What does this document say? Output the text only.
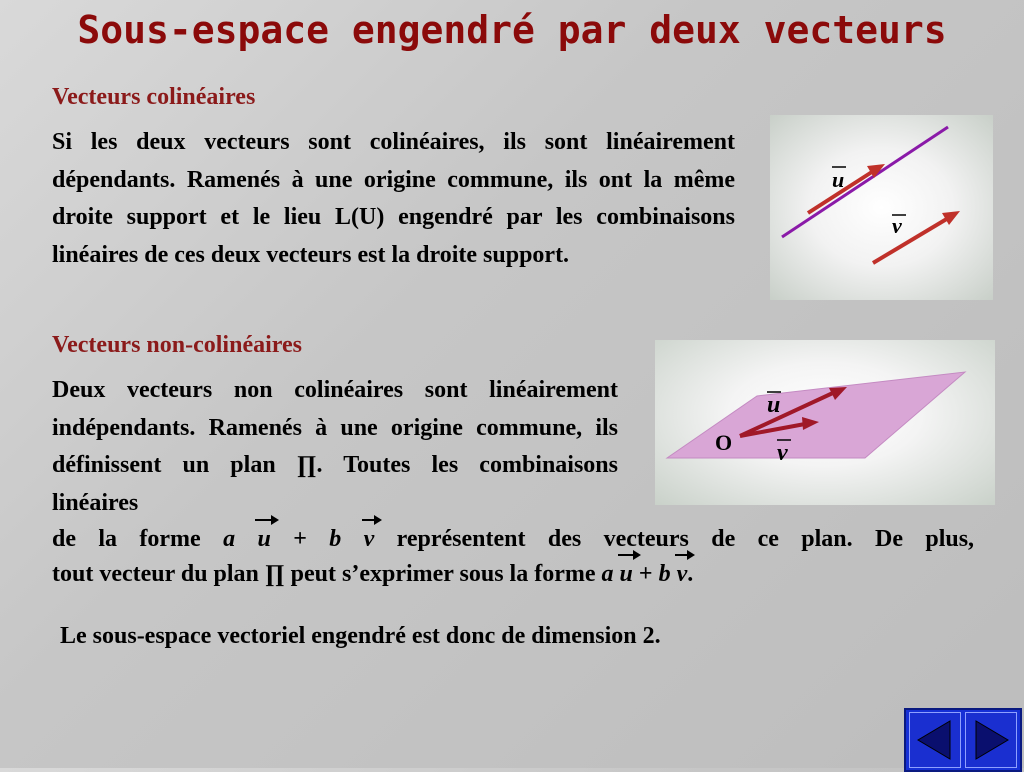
Sous-espace engendré par deux vecteurs
Vecteurs colinéaires
Si les deux vecteurs sont colinéaires, ils sont linéairement dépendants. Ramenés à une origine commune, ils ont la même droite support et le lieu L(U) engendré par les combinaisons linéaires de ces deux vecteurs est la droite support.
u
v
Vecteurs non-colinéaires
Deux vecteurs non colinéaires sont linéairement indépendants. Ramenés à une origine commune, ils définissent un plan ∏. Toutes les combinaisons linéaires
O
u
v
de la forme a u + b v représentent des vecteurs de ce plan. De plus,
tout vecteur du plan ∏ peut s’exprimer sous la forme a u + b v.
Le sous-espace vectoriel engendré est donc de dimension 2.
